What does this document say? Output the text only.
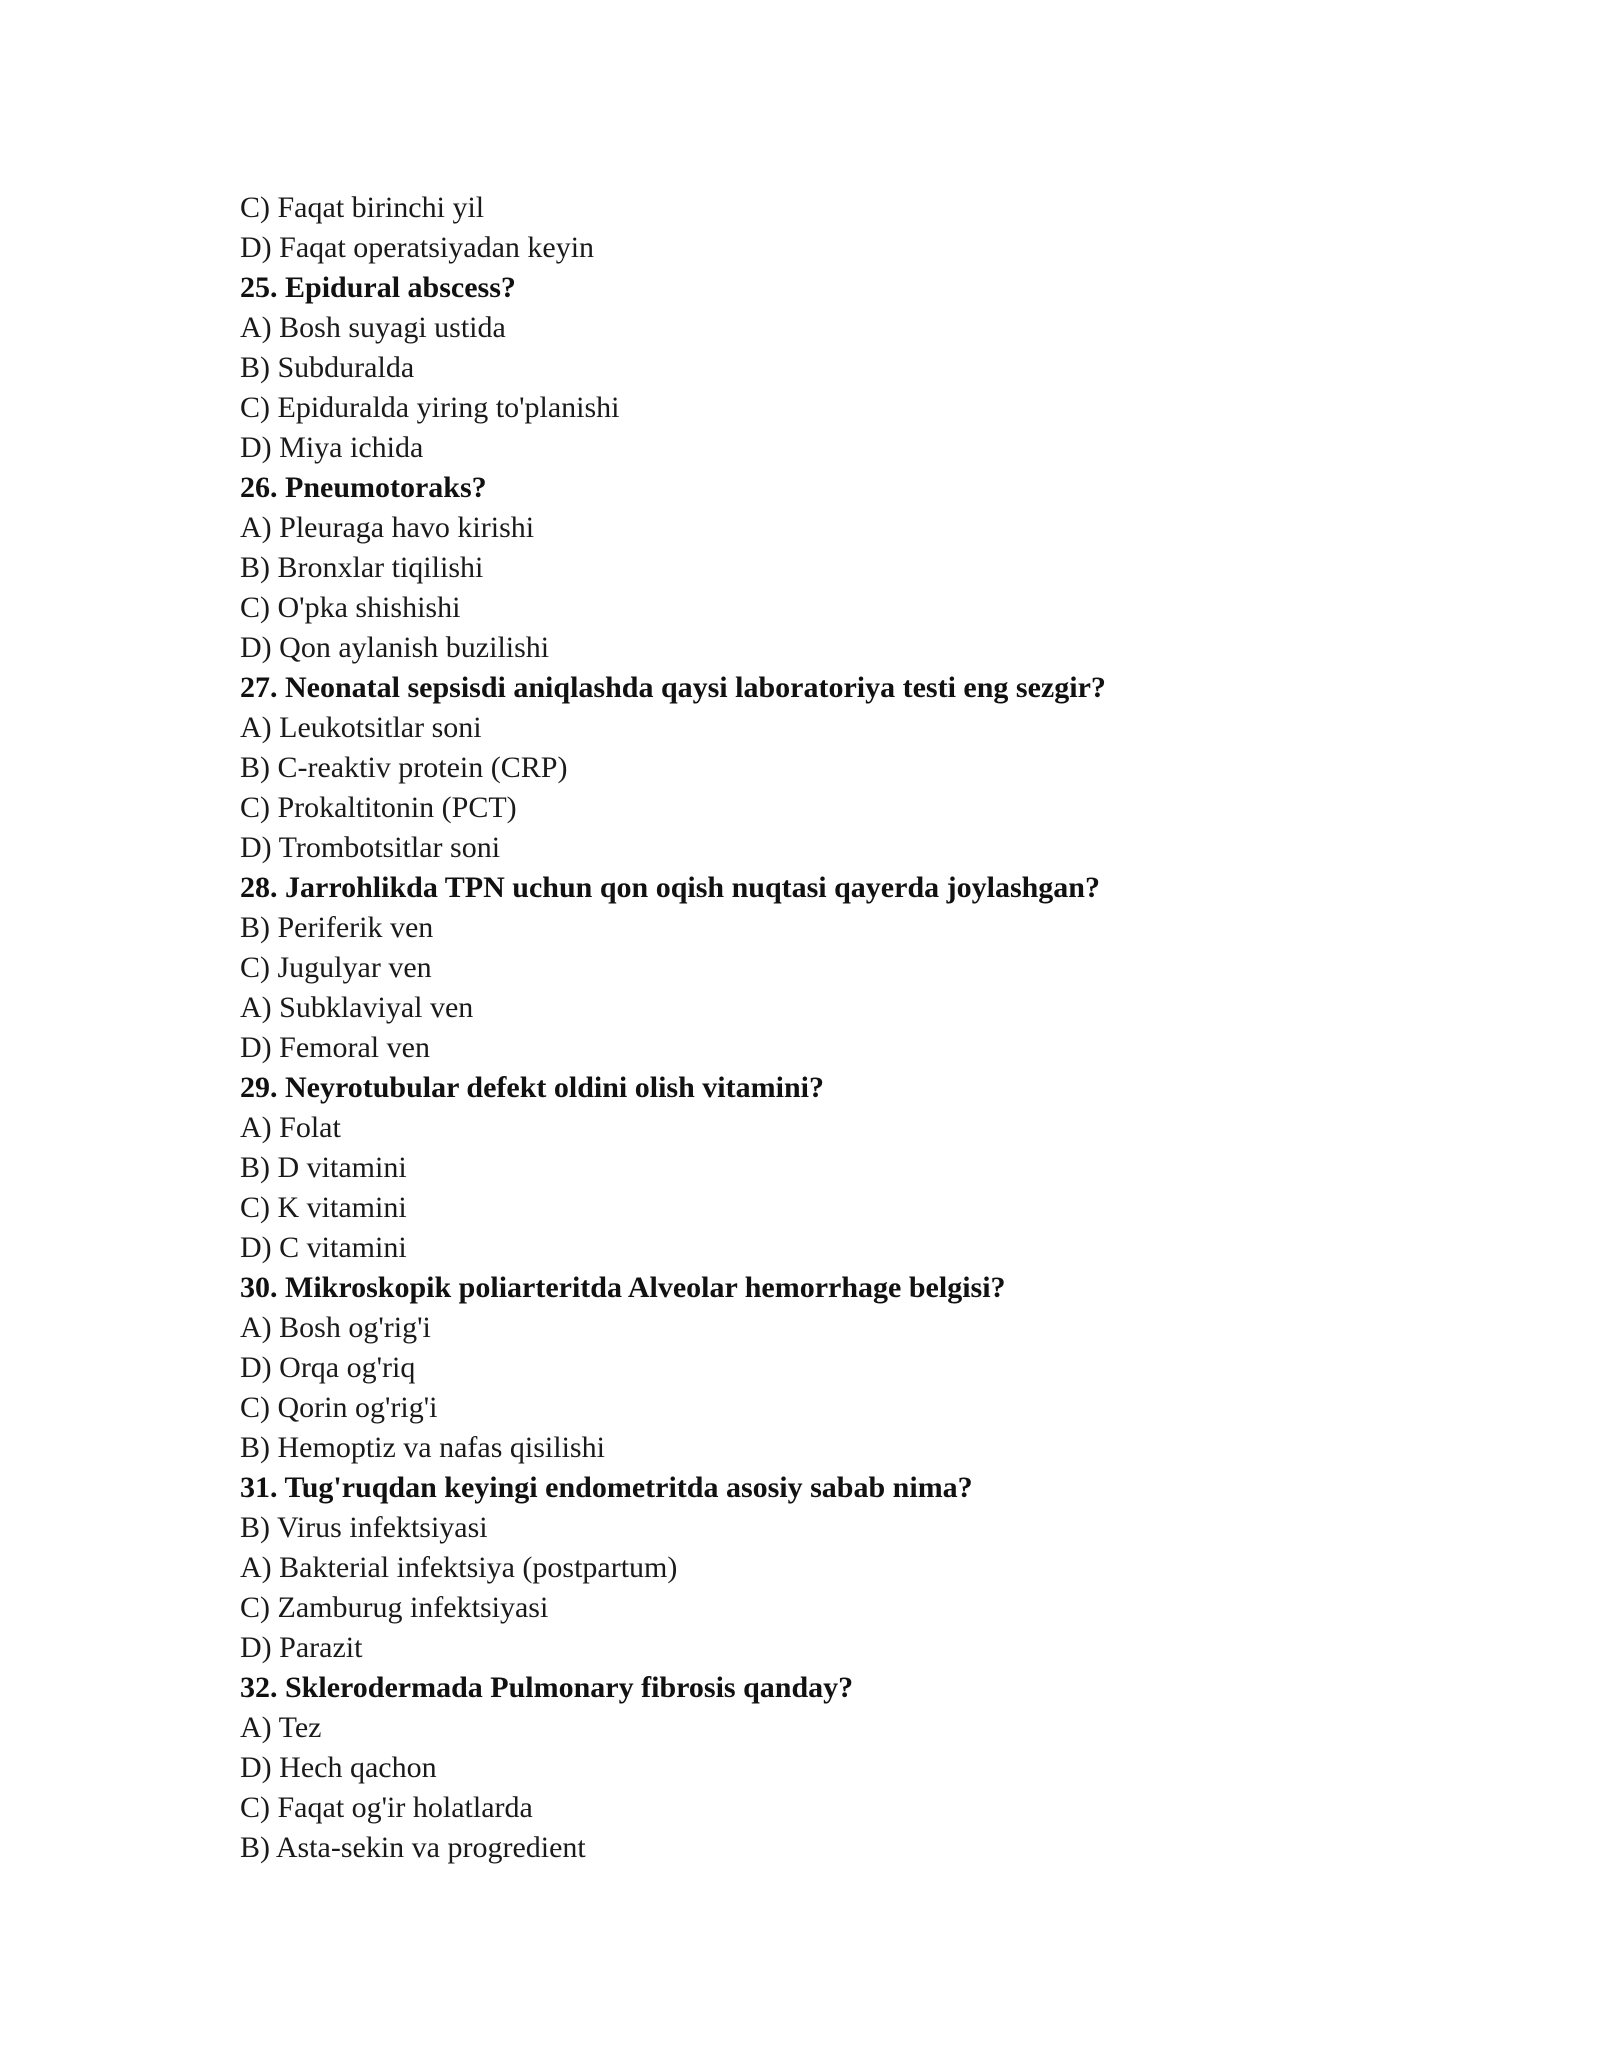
C) Faqat birinchi yil
D) Faqat operatsiyadan keyin
25. Epidural abscess?
A) Bosh suyagi ustida
B) Subduralda
C) Epiduralda yiring to'planishi
D) Miya ichida
26. Pneumotoraks?
A) Pleuraga havo kirishi
B) Bronxlar tiqilishi
C) O'pka shishishi
D) Qon aylanish buzilishi
27. Neonatal sepsisdi aniqlashda qaysi laboratoriya testi eng sezgir?
A) Leukotsitlar soni
B) C-reaktiv protein (CRP)
C) Prokaltitonin (PCT)
D) Trombotsitlar soni
28. Jarrohlikda TPN uchun qon oqish nuqtasi qayerda joylashgan?
B) Periferik ven
C) Jugulyar ven
A) Subklaviyal ven
D) Femoral ven
29. Neyrotubular defekt oldini olish vitamini?
A) Folat
B) D vitamini
C) K vitamini
D) C vitamini
30. Mikroskopik poliarteritda Alveolar hemorrhage belgisi?
A) Bosh og'rig'i
D) Orqa og'riq
C) Qorin og'rig'i
B) Hemoptiz va nafas qisilishi
31. Tug'ruqdan keyingi endometritda asosiy sabab nima?
B) Virus infektsiyasi
A) Bakterial infektsiya (postpartum)
C) Zamburug infektsiyasi
D) Parazit
32. Sklerodermada Pulmonary fibrosis qanday?
A) Tez
D) Hech qachon
C) Faqat og'ir holatlarda
B) Asta-sekin va progredient
